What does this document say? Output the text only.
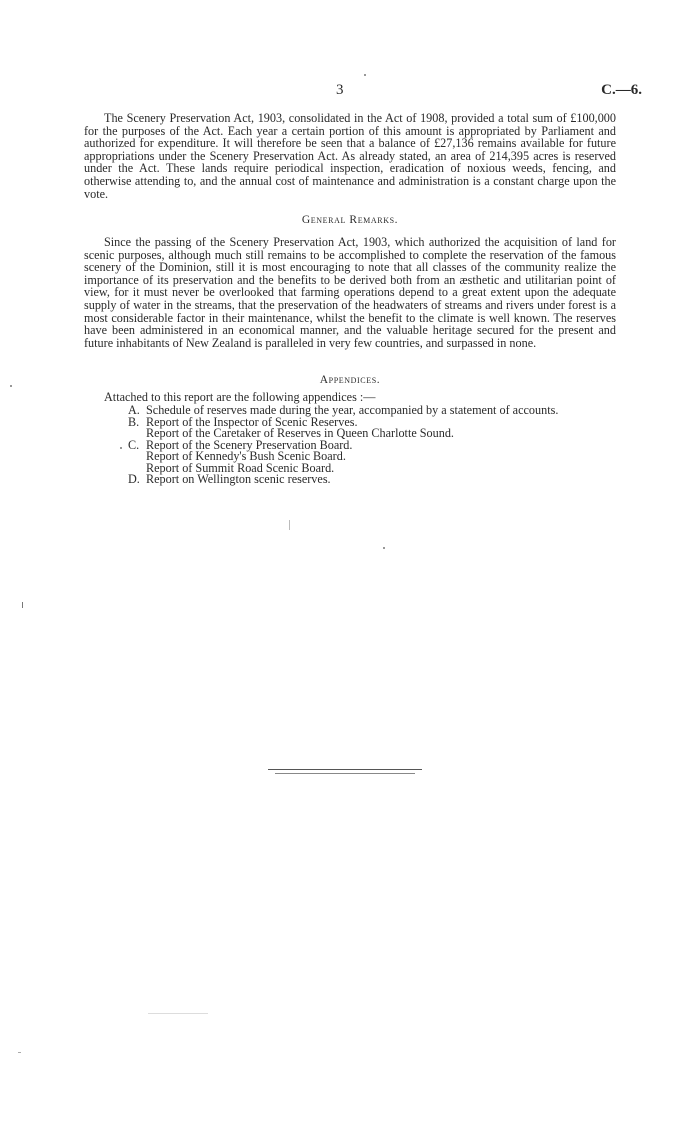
3	C.—6.

The Scenery Preservation Act, 1903, consolidated in the Act of 1908, provided a total sum of £100,000 for the purposes of the Act. Each year a certain portion of this amount is appropriated by Parliament and authorized for expenditure. It will therefore be seen that a balance of £27,136 remains available for future appropriations under the Scenery Preservation Act. As already stated, an area of 214,395 acres is reserved under the Act. These lands require periodical inspection, eradication of noxious weeds, fencing, and otherwise attending to, and the annual cost of maintenance and administration is a constant charge upon the vote.

General Remarks.

Since the passing of the Scenery Preservation Act, 1903, which authorized the acquisition of land for scenic purposes, although much still remains to be accomplished to complete the reservation of the famous scenery of the Dominion, still it is most encouraging to note that all classes of the community realize the importance of its preservation and the benefits to be derived both from an æsthetic and utilitarian point of view, for it must never be overlooked that farming operations depend to a great extent upon the adequate supply of water in the streams, that the preservation of the headwaters of streams and rivers under forest is a most considerable factor in their maintenance, whilst the benefit to the climate is well known. The reserves have been administered in an economical manner, and the valuable heritage secured for the present and future inhabitants of New Zealand is paralleled in very few countries, and surpassed in none.

Appendices.
Attached to this report are the following appendices :—
A. Schedule of reserves made during the year, accompanied by a statement of accounts.
B. Report of the Inspector of Scenic Reserves.
Report of the Caretaker of Reserves in Queen Charlotte Sound.
C. Report of the Scenery Preservation Board.
Report of Kennedy's Bush Scenic Board.
Report of Summit Road Scenic Board.
D. Report on Wellington scenic reserves.
